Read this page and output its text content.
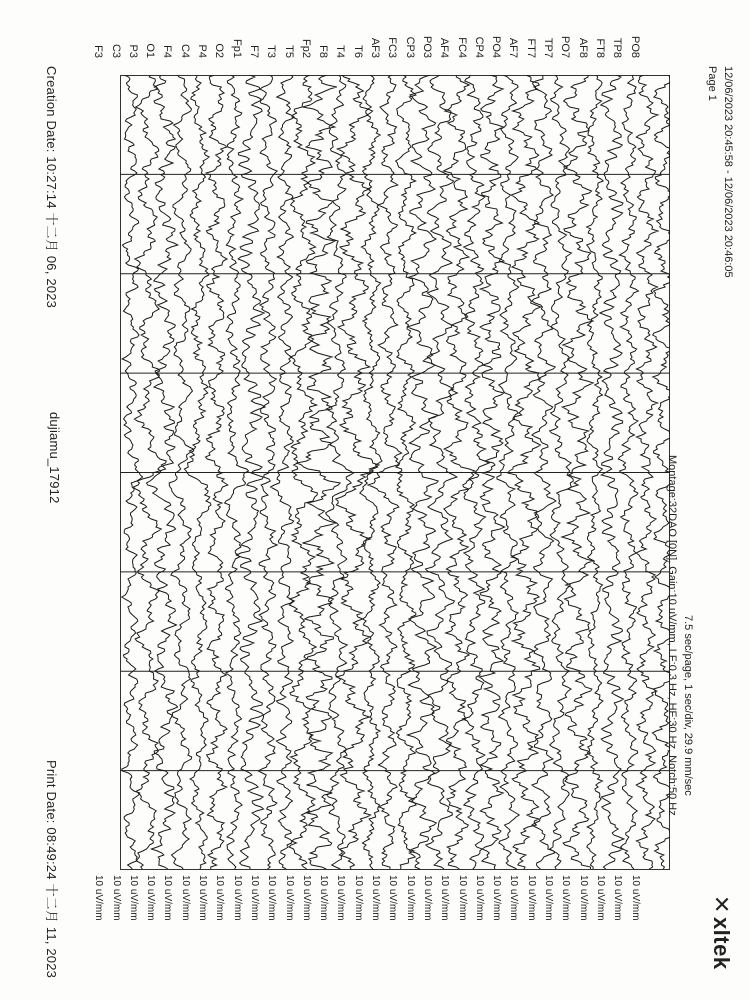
Creation Date: 10:27:14 十二月 06, 2023
dujiamu_17912
Print Date: 08:49:24 十二月 11, 2023
F3 C3 P3 O1 F4 C4 P4 O2 Fp1 F7 T3 T5 Fp2 F8 T4 T6 AF3 FC3 CP3 PO3 AF4 FC4 CP4 PO4 AF7 FT7 TP7 PO7 AF8 FT8 TP8 PO8
10 uV/mm 10 uV/mm 10 uV/mm 10 uV/mm 10 uV/mm 10 uV/mm 10 uV/mm 10 uV/mm 10 uV/mm 10 uV/mm 10 uV/mm 10 uV/mm 10 uV/mm 10 uV/mm 10 uV/mm 10 uV/mm 10 uV/mm 10 uV/mm 10 uV/mm 10 uV/mm 10 uV/mm 10 uV/mm 10 uV/mm 10 uV/mm 10 uV/mm 10 uV/mm 10 uV/mm 10 uV/mm 10 uV/mm 10 uV/mm 10 uV/mm 10 uV/mm
12/06/2023 20:45:58 - 12/06/2023 20:46:05
Page 1
7.5 sec/page, 1 sec/div, 29.9 mm/sec
Montage:32DAO [0N], Gain:10 uV/mm, LF:0.3 Hz, HF:30 Hz, Notch:50 Hz
✕xltek
